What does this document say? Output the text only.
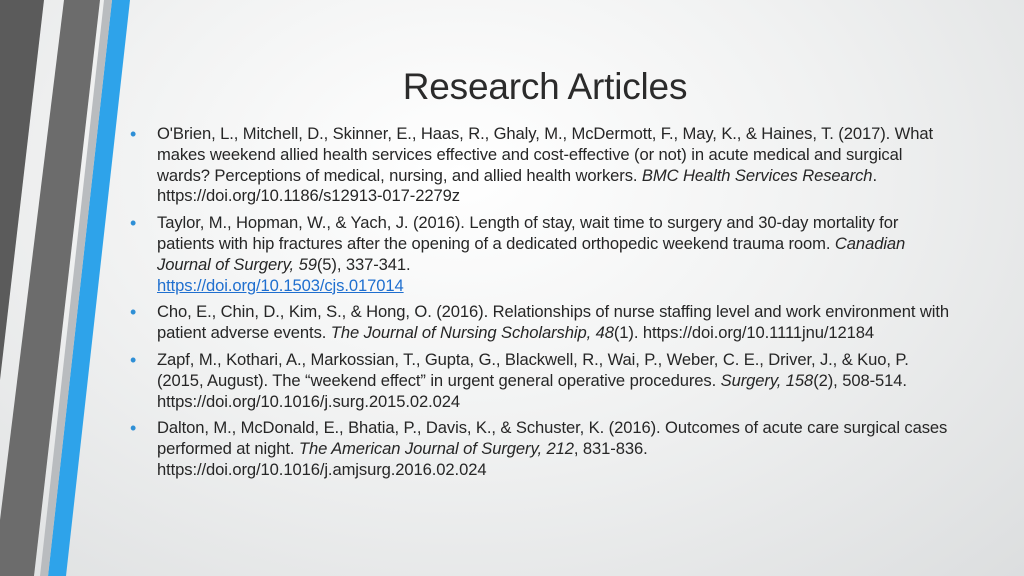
Research Articles
• O'Brien, L., Mitchell, D., Skinner, E., Haas, R., Ghaly, M., McDermott, F., May, K., & Haines, T. (2017). What makes weekend allied health services effective and cost-effective (or not) in acute medical and surgical wards? Perceptions of medical, nursing, and allied health workers. BMC Health Services Research. https://doi.org/10.1186/s12913-017-2279z
• Taylor, M., Hopman, W., & Yach, J. (2016). Length of stay, wait time to surgery and 30-day mortality for patients with hip fractures after the opening of a dedicated orthopedic weekend trauma room. Canadian Journal of Surgery, 59(5), 337-341.
https://doi.org/10.1503/cjs.017014
• Cho, E., Chin, D., Kim, S., & Hong, O. (2016). Relationships of nurse staffing level and work environment with patient adverse events. The Journal of Nursing Scholarship, 48(1). https://doi.org/10.1111jnu/12184
• Zapf, M., Kothari, A., Markossian, T., Gupta, G., Blackwell, R., Wai, P., Weber, C. E., Driver, J., & Kuo, P. (2015, August). The “weekend effect” in urgent general operative procedures. Surgery, 158(2), 508-514. https://doi.org/10.1016/j.surg.2015.02.024
• Dalton, M., McDonald, E., Bhatia, P., Davis, K., & Schuster, K. (2016). Outcomes of acute care surgical cases performed at night. The American Journal of Surgery, 212, 831-836. https://doi.org/10.1016/j.amjsurg.2016.02.024
